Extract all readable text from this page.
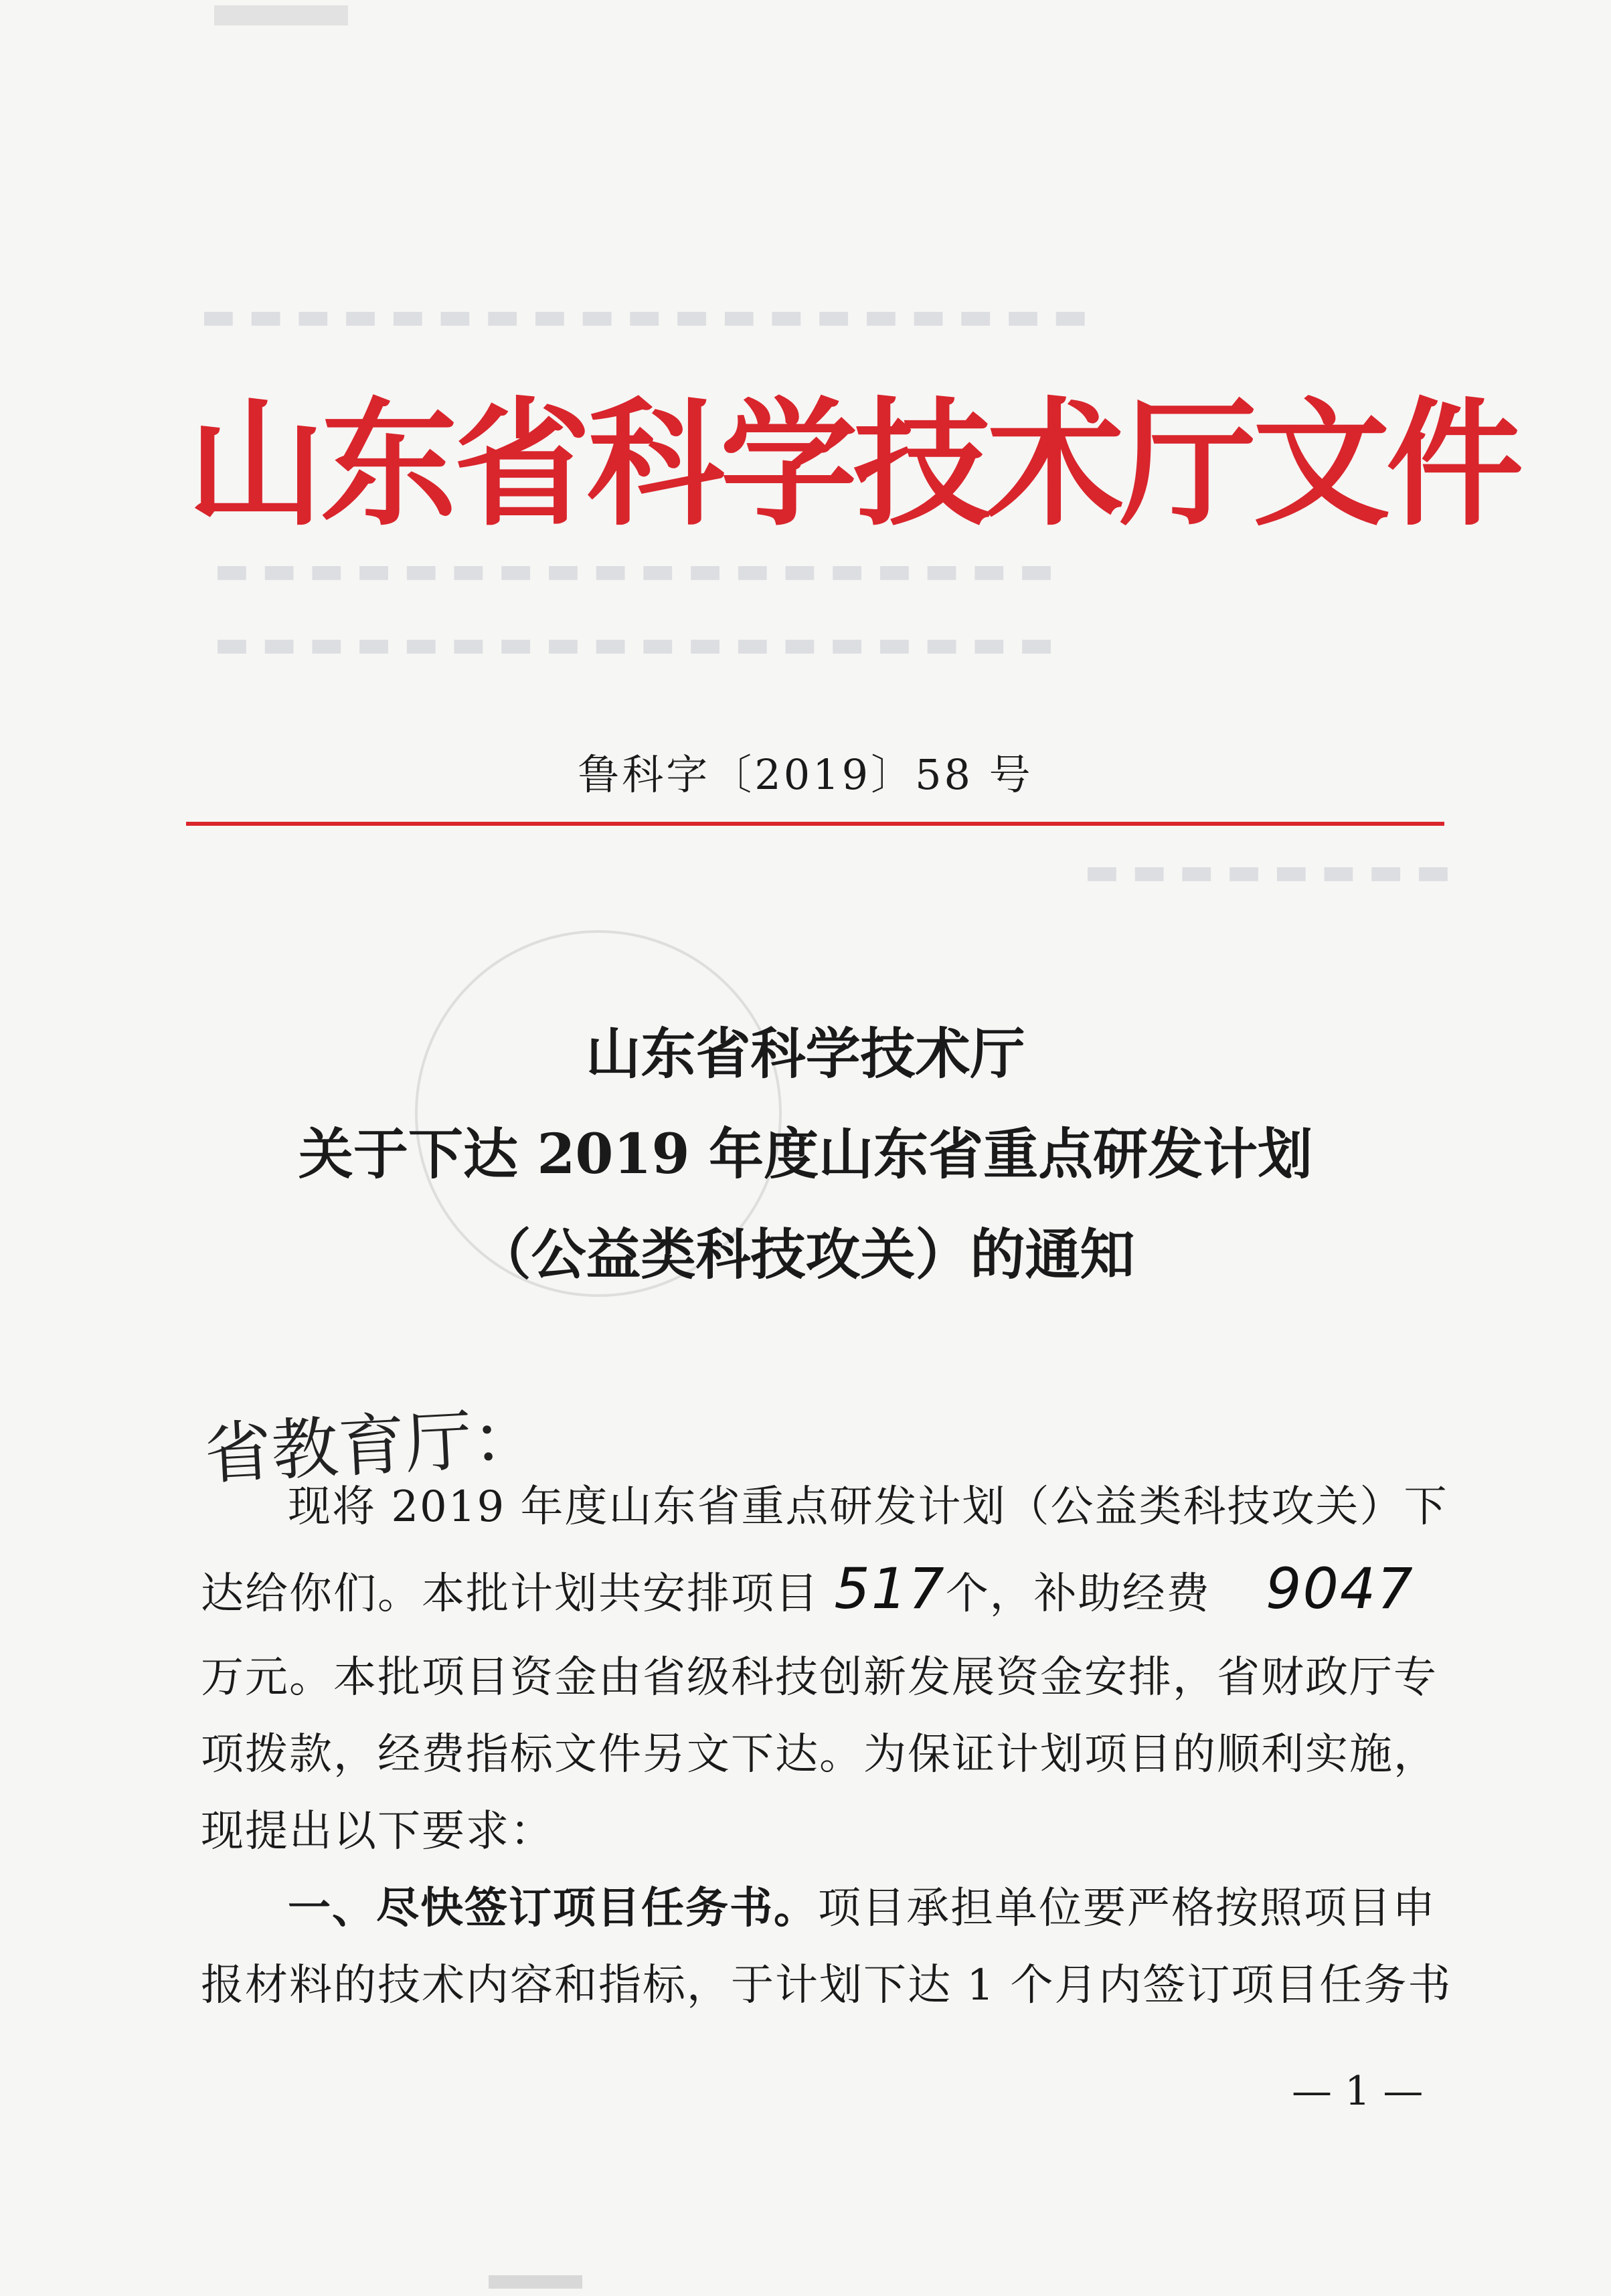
▬ ▬ ▬ ▬ ▬ ▬ ▬ ▬ ▬ ▬ ▬ ▬ ▬ ▬ ▬ ▬ ▬ ▬ ▬
▬ ▬ ▬ ▬ ▬ ▬ ▬ ▬ ▬ ▬ ▬ ▬ ▬ ▬ ▬ ▬ ▬ ▬
▬ ▬ ▬ ▬ ▬ ▬ ▬ ▬ ▬ ▬ ▬ ▬ ▬ ▬ ▬ ▬ ▬ ▬
▬ ▬ ▬ ▬ ▬ ▬ ▬ ▬
山东省科学技术厅文件
鲁科字〔2019〕58 号
山东省科学技术厅
关于下达 2019 年度山东省重点研发计划
（公益类科技攻关）的通知
省教育厅：
现将 2019 年度山东省重点研发计划（公益类科技攻关）下
达给你们。本批计划共安排项目 517个，补助经费 9047
万元。本批项目资金由省级科技创新发展资金安排，省财政厅专
项拨款，经费指标文件另文下达。为保证计划项目的顺利实施，
现提出以下要求：
一、尽快签订项目任务书。项目承担单位要严格按照项目申
报材料的技术内容和指标，于计划下达 1 个月内签订项目任务书
— 1 —
